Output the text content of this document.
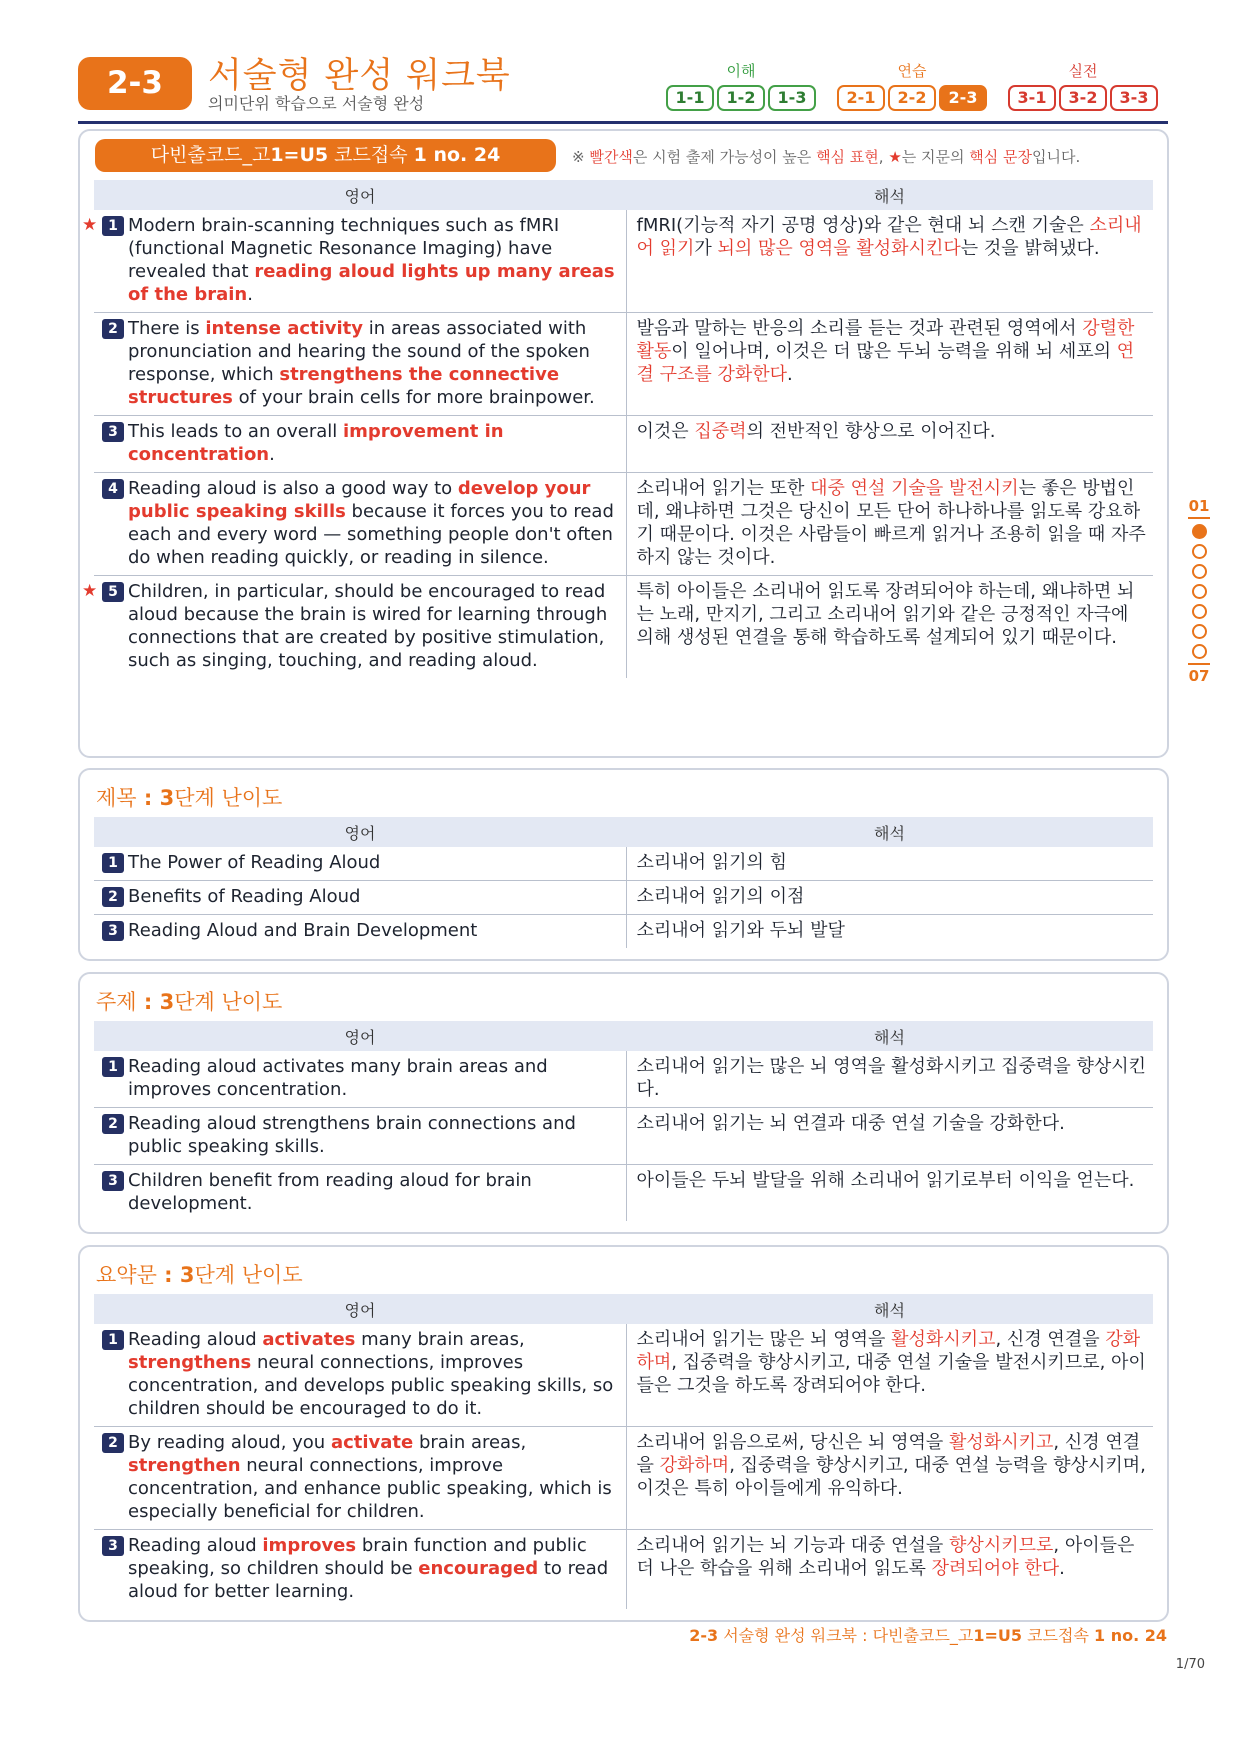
2-3	서술형 완성 워크북
의미단위 학습으로 서술형 완성
이해
1-1	1-2	1-3
연습
2-1	2-2	2-3
실전
3-1	3-2	3-3
다빈출코드_고1=U5 코드접속 1 no. 24	※ 빨간색은 시험 출제 가능성이 높은 핵심 표현, ★는 지문의 핵심 문장입니다.
영어	해석

★ 1 Modern brain-scanning techniques such as fMRI (functional Magnetic Resonance Imaging) have revealed that reading aloud lights up many areas of the brain.	fMRI(기능적 자기 공명 영상)와 같은 현대 뇌 스캔 기술은 소리내어 읽기가 뇌의 많은 영역을 활성화시킨다는 것을 밝혀냈다.

2 There is intense activity in areas associated with pronunciation and hearing the sound of the spoken response, which strengthens the connective structures of your brain cells for more brainpower.	발음과 말하는 반응의 소리를 듣는 것과 관련된 영역에서 강렬한 활동이 일어나며, 이것은 더 많은 두뇌 능력을 위해 뇌 세포의 연결 구조를 강화한다.

3 This leads to an overall improvement in concentration.	이것은 집중력의 전반적인 향상으로 이어진다.

4 Reading aloud is also a good way to develop your public speaking skills because it forces you to read each and every word — something people don't often do when reading quickly, or reading in silence.	소리내어 읽기는 또한 대중 연설 기술을 발전시키는 좋은 방법인데, 왜냐하면 그것은 당신이 모든 단어 하나하나를 읽도록 강요하기 때문이다. 이것은 사람들이 빠르게 읽거나 조용히 읽을 때 자주 하지 않는 것이다.

★ 5 Children, in particular, should be encouraged to read aloud because the brain is wired for learning through connections that are created by positive stimulation, such as singing, touching, and reading aloud.	특히 아이들은 소리내어 읽도록 장려되어야 하는데, 왜냐하면 뇌는 노래, 만지기, 그리고 소리내어 읽기와 같은 긍정적인 자극에 의해 생성된 연결을 통해 학습하도록 설계되어 있기 때문이다.
제목 : 3단계 난이도
영어	해석

1 The Power of Reading Aloud	소리내어 읽기의 힘

2 Benefits of Reading Aloud	소리내어 읽기의 이점

3 Reading Aloud and Brain Development	소리내어 읽기와 두뇌 발달
주제 : 3단계 난이도
영어	해석

1 Reading aloud activates many brain areas and improves concentration.	소리내어 읽기는 많은 뇌 영역을 활성화시키고 집중력을 향상시킨다.

2 Reading aloud strengthens brain connections and public speaking skills.	소리내어 읽기는 뇌 연결과 대중 연설 기술을 강화한다.

3 Children benefit from reading aloud for brain development.	아이들은 두뇌 발달을 위해 소리내어 읽기로부터 이익을 얻는다.
요약문 : 3단계 난이도
영어	해석

1 Reading aloud activates many brain areas, strengthens neural connections, improves concentration, and develops public speaking skills, so children should be encouraged to do it.	소리내어 읽기는 많은 뇌 영역을 활성화시키고, 신경 연결을 강화하며, 집중력을 향상시키고, 대중 연설 기술을 발전시키므로, 아이들은 그것을 하도록 장려되어야 한다.

2 By reading aloud, you activate brain areas, strengthen neural connections, improve concentration, and enhance public speaking, which is especially beneficial for children.	소리내어 읽음으로써, 당신은 뇌 영역을 활성화시키고, 신경 연결을 강화하며, 집중력을 향상시키고, 대중 연설 능력을 향상시키며, 이것은 특히 아이들에게 유익하다.

3 Reading aloud improves brain function and public speaking, so children should be encouraged to read aloud for better learning.	소리내어 읽기는 뇌 기능과 대중 연설을 향상시키므로, 아이들은 더 나은 학습을 위해 소리내어 읽도록 장려되어야 한다.
01
07
2-3 서술형 완성 워크북 : 다빈출코드_고1=U5 코드접속 1 no. 24
1/70
